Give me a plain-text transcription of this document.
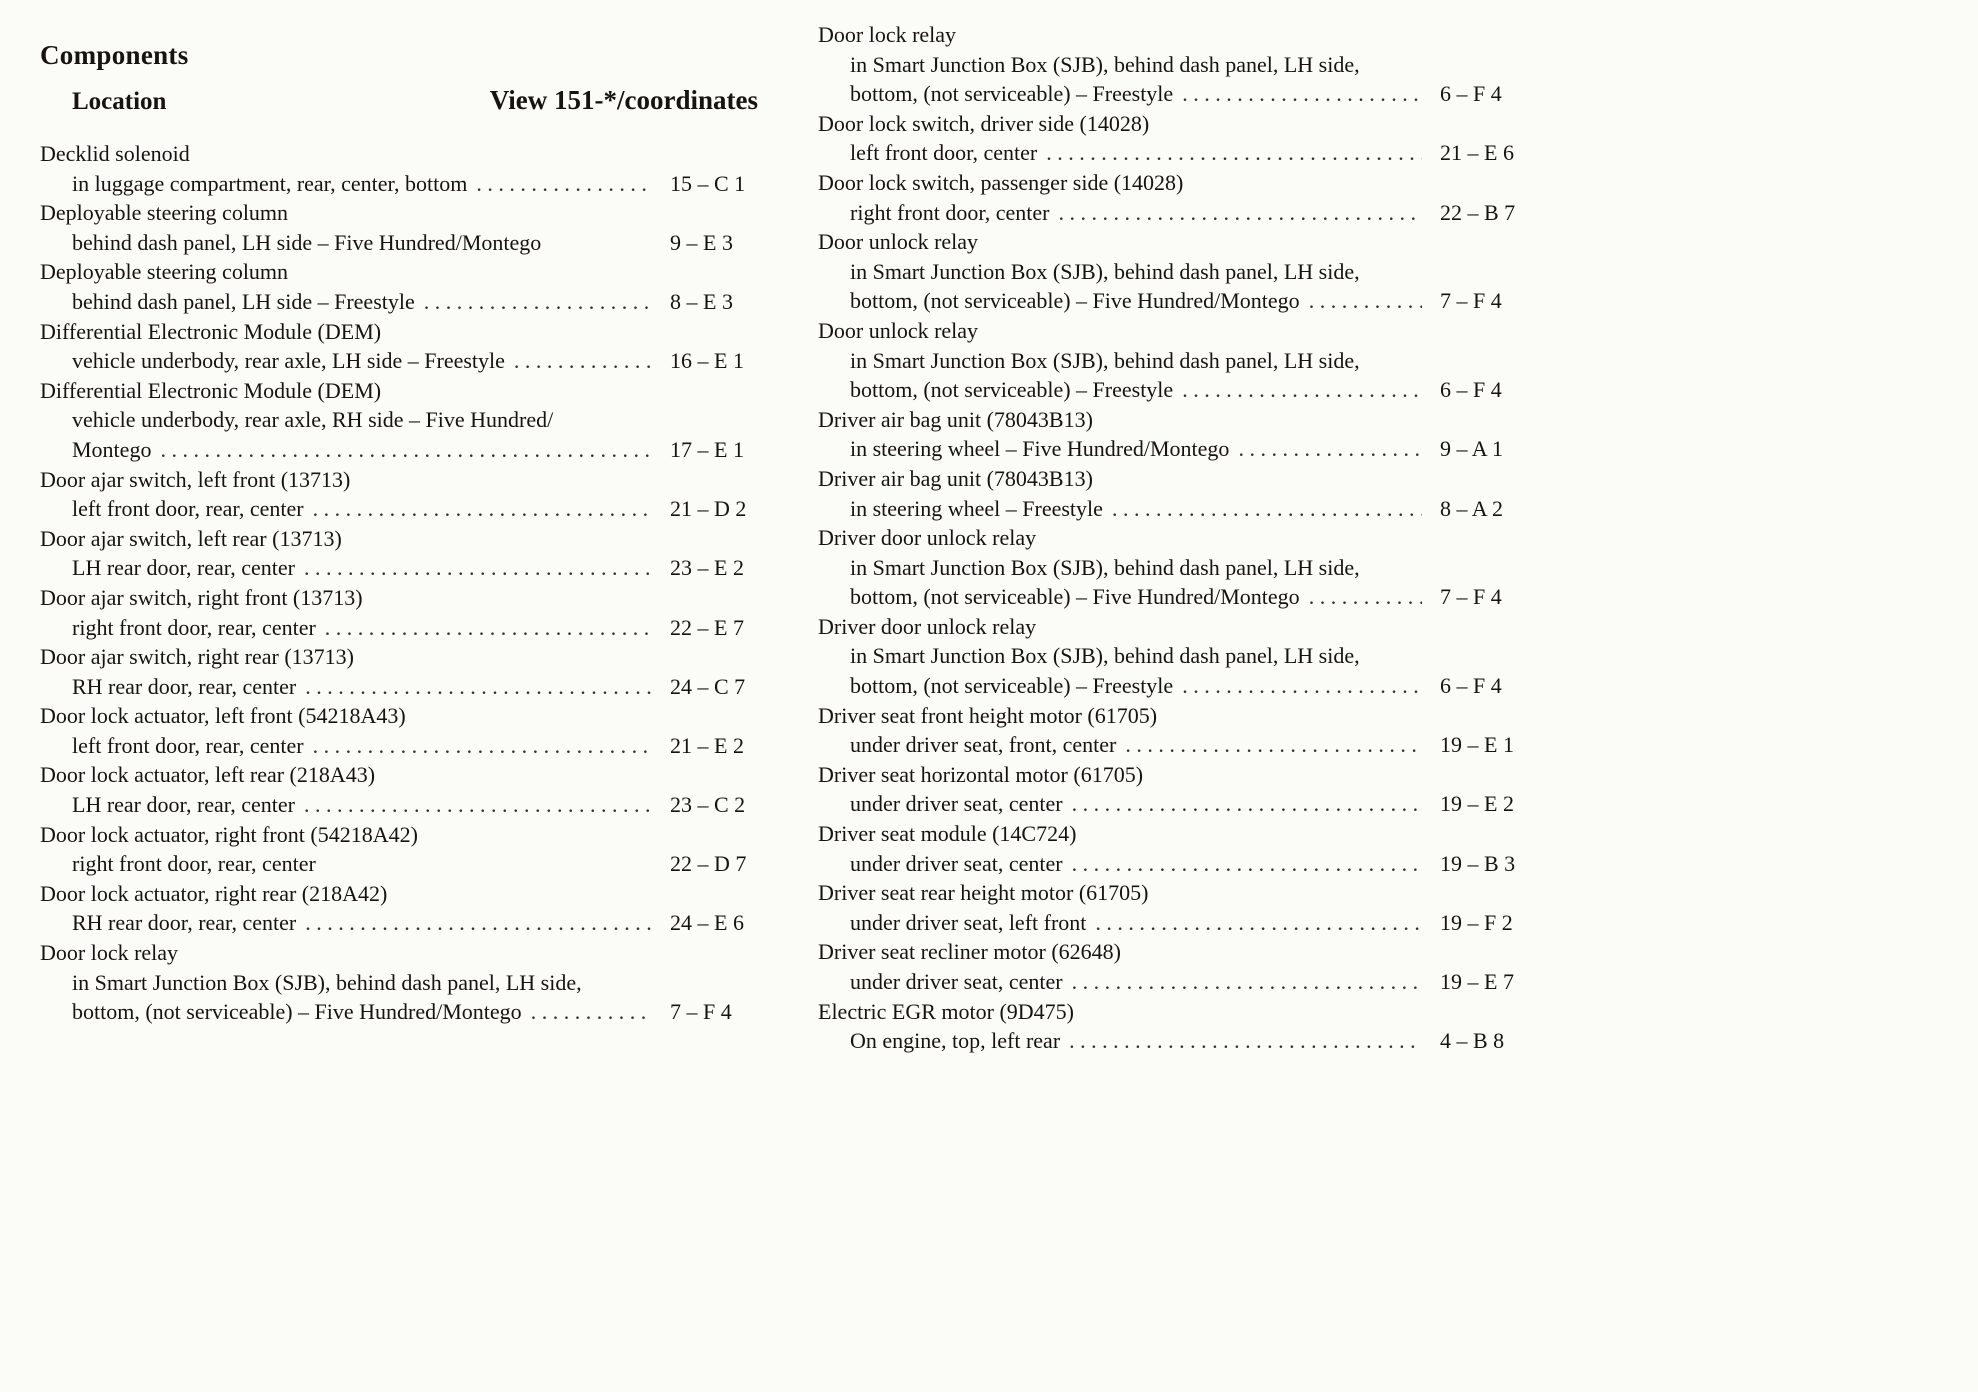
Components
Location	View 151-*/coordinates
Decklid solenoid
in luggage compartment, rear, center, bottom .....	15 – C 1
Deployable steering column
behind dash panel, LH side – Five Hundred/Montego	9 – E 3
Deployable steering column
behind dash panel, LH side – Freestyle .....	8 – E 3
Differential Electronic Module (DEM)
vehicle underbody, rear axle, LH side – Freestyle .....	16 – E 1
Differential Electronic Module (DEM)
vehicle underbody, rear axle, RH side – Five Hundred/
Montego .....	17 – E 1
Door ajar switch, left front (13713)
left front door, rear, center .....	21 – D 2
Door ajar switch, left rear (13713)
LH rear door, rear, center .....	23 – E 2
Door ajar switch, right front (13713)
right front door, rear, center .....	22 – E 7
Door ajar switch, right rear (13713)
RH rear door, rear, center .....	24 – C 7
Door lock actuator, left front (54218A43)
left front door, rear, center .....	21 – E 2
Door lock actuator, left rear (218A43)
LH rear door, rear, center .....	23 – C 2
Door lock actuator, right front (54218A42)
right front door, rear, center	22 – D 7
Door lock actuator, right rear (218A42)
RH rear door, rear, center .....	24 – E 6
Door lock relay
in Smart Junction Box (SJB), behind dash panel, LH side,
bottom, (not serviceable) – Five Hundred/Montego .....	7 – F 4
Door lock relay
in Smart Junction Box (SJB), behind dash panel, LH side,
bottom, (not serviceable) – Freestyle .....	6 – F 4
Door lock switch, driver side (14028)
left front door, center .....	21 – E 6
Door lock switch, passenger side (14028)
right front door, center .....	22 – B 7
Door unlock relay
in Smart Junction Box (SJB), behind dash panel, LH side,
bottom, (not serviceable) – Five Hundred/Montego .....	7 – F 4
Door unlock relay
in Smart Junction Box (SJB), behind dash panel, LH side,
bottom, (not serviceable) – Freestyle .....	6 – F 4
Driver air bag unit (78043B13)
in steering wheel – Five Hundred/Montego .....	9 – A 1
Driver air bag unit (78043B13)
in steering wheel – Freestyle .....	8 – A 2
Driver door unlock relay
in Smart Junction Box (SJB), behind dash panel, LH side,
bottom, (not serviceable) – Five Hundred/Montego .....	7 – F 4
Driver door unlock relay
in Smart Junction Box (SJB), behind dash panel, LH side,
bottom, (not serviceable) – Freestyle .....	6 – F 4
Driver seat front height motor (61705)
under driver seat, front, center .....	19 – E 1
Driver seat horizontal motor (61705)
under driver seat, center .....	19 – E 2
Driver seat module (14C724)
under driver seat, center .....	19 – B 3
Driver seat rear height motor (61705)
under driver seat, left front .....	19 – F 2
Driver seat recliner motor (62648)
under driver seat, center .....	19 – E 7
Electric EGR motor (9D475)
On engine, top, left rear .....	4 – B 8
